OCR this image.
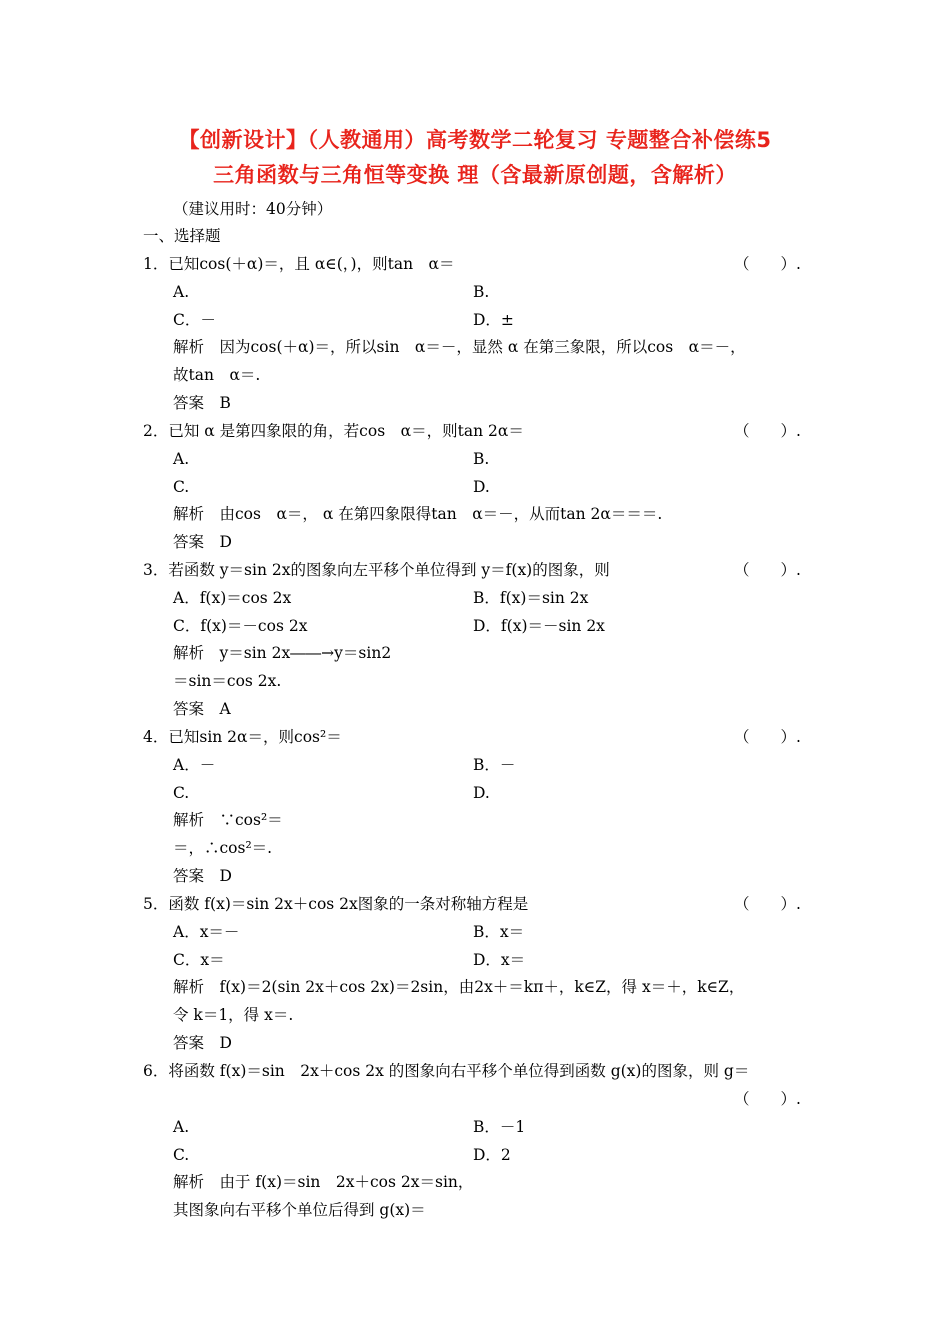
【创新设计】（人教通用）高考数学二轮复习 专题整合补偿练5
三角函数与三角恒等变换 理（含最新原创题，含解析）
（建议用时：40分钟）
一、选择题
1．已知cos(＋α)＝，且 α∈(，)，则tan　α＝	（　　）.
A.	B.
C．－	D．±
解析　因为cos(＋α)＝，所以sin　α＝－，显然 α 在第三象限，所以cos　α＝－，
故tan　α＝.
答案　B
2．已知 α 是第四象限的角，若cos　α＝，则tan 2α＝	（　　）.
A.	B.
C.	D.
解析　由cos　α＝， α 在第四象限得tan　α＝－，从而tan 2α＝＝＝.
答案　D
3．若函数 y＝sin 2x的图象向左平移个单位得到 y＝f(x)的图象，则	（　　）.
A．f(x)＝cos 2x	B．f(x)＝sin 2x
C．f(x)＝－cos 2x	D．f(x)＝－sin 2x
解析　y＝sin 2x――→y＝sin2
＝sin＝cos 2x.
答案　A
4．已知sin 2α＝，则cos²＝	（　　）.
A．－	B．－
C.	D.
解析　∵cos²＝
＝，∴cos²＝.
答案　D
5．函数 f(x)＝sin 2x＋cos 2x图象的一条对称轴方程是	（　　）.
A．x＝－	B．x＝
C．x＝	D．x＝
解析　f(x)＝2(sin 2x＋cos 2x)＝2sin，由2x＋＝kπ＋，k∈Z，得 x＝＋，k∈Z，
令 k＝1，得 x＝.
答案　D
6．将函数 f(x)＝sin　2x＋cos 2x 的图象向右平移个单位得到函数 g(x)的图象，则 g＝
（　　）.
A.	B．－1
C.	D．2
解析　由于 f(x)＝sin　2x＋cos 2x＝sin，
其图象向右平移个单位后得到 g(x)＝
